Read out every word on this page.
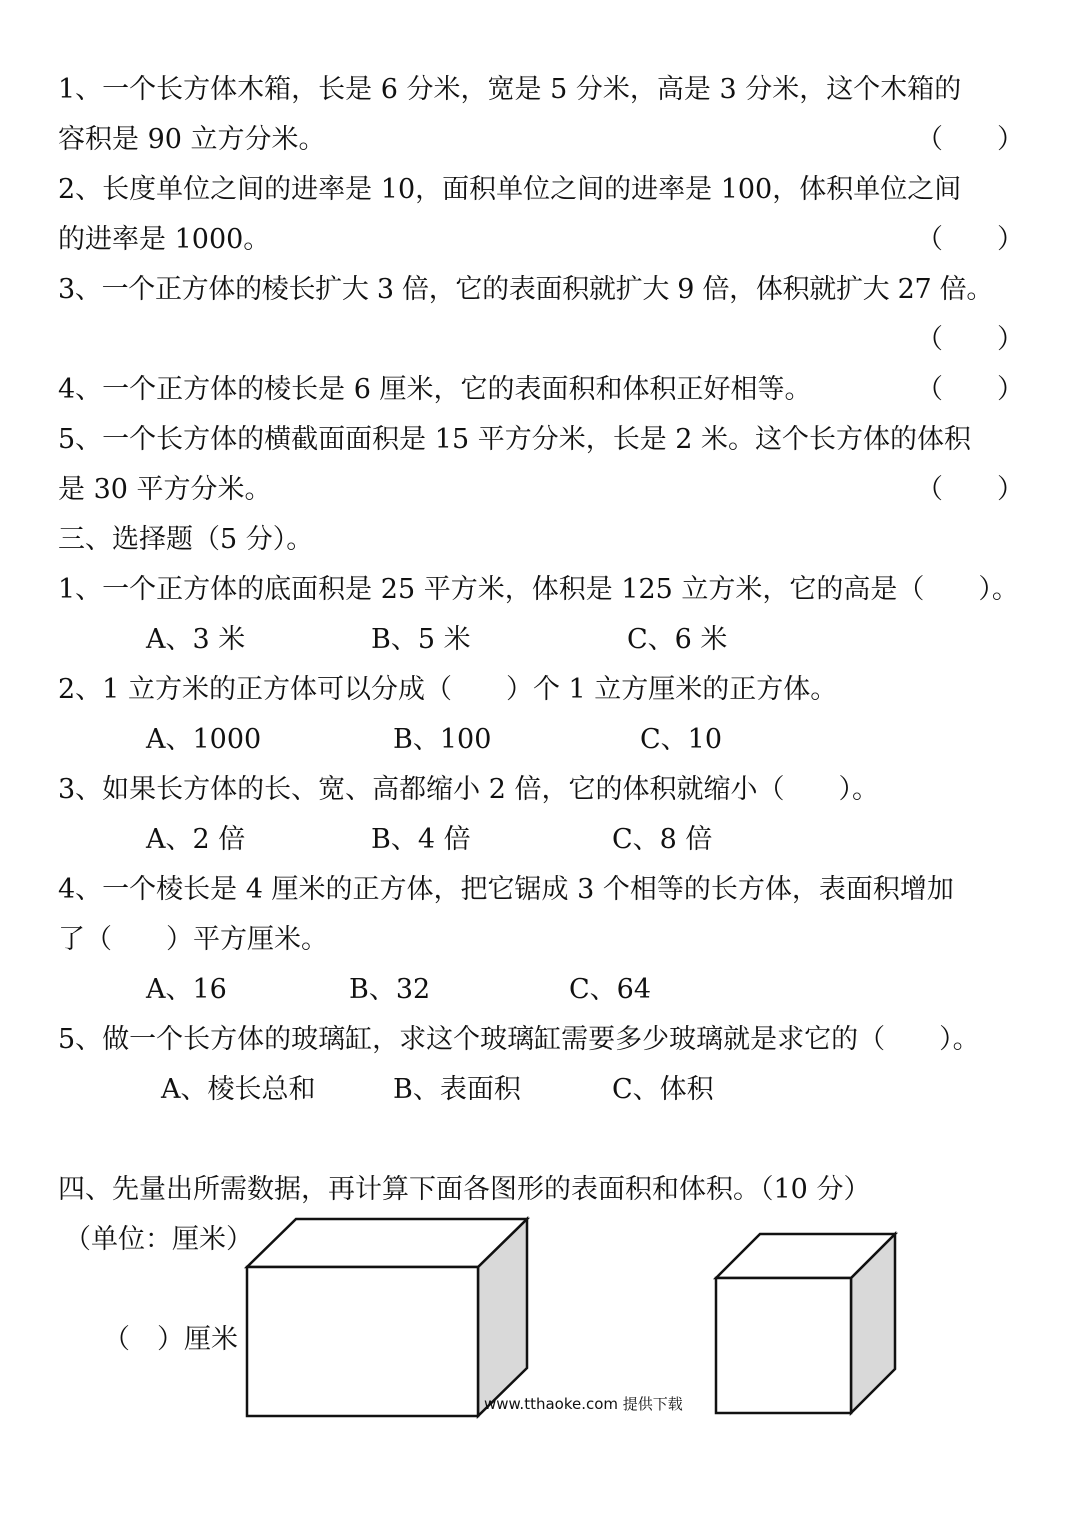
1、一个长方体木箱，长是 6 分米，宽是 5 分米，高是 3 分米，这个木箱的
容积是 90 立方分米。	（　　）
2、长度单位之间的进率是 10，面积单位之间的进率是 100，体积单位之间
的进率是 1000。	（　　）
3、一个正方体的棱长扩大 3 倍，它的表面积就扩大 9 倍，体积就扩大 27 倍。
（　　）
4、一个正方体的棱长是 6 厘米，它的表面积和体积正好相等。	（　　）
5、一个长方体的横截面面积是 15 平方分米，长是 2 米。这个长方体的体积
是 30 平方分米。	（　　）
三、选择题（5 分）。
1、一个正方体的底面积是 25 平方米，体积是 125 立方米，它的高是（　　）。
A、3 米	B、5 米	C、6 米
2、1 立方米的正方体可以分成（　　）个 1 立方厘米的正方体。
A、1000	B、100	C、10
3、如果长方体的长、宽、高都缩小 2 倍，它的体积就缩小（　　）。
A、2 倍	B、4 倍	C、8 倍
4、一个棱长是 4 厘米的正方体，把它锯成 3 个相等的长方体，表面积增加
了（　　）平方厘米。
A、16	B、32	C、64
5、做一个长方体的玻璃缸，求这个玻璃缸需要多少玻璃就是求它的（　　）。
A、棱长总和	B、表面积	C、体积
四、先量出所需数据，再计算下面各图形的表面积和体积。（10 分）
（单位：厘米）
（　）厘米
www.tthaoke.com 提供下载
